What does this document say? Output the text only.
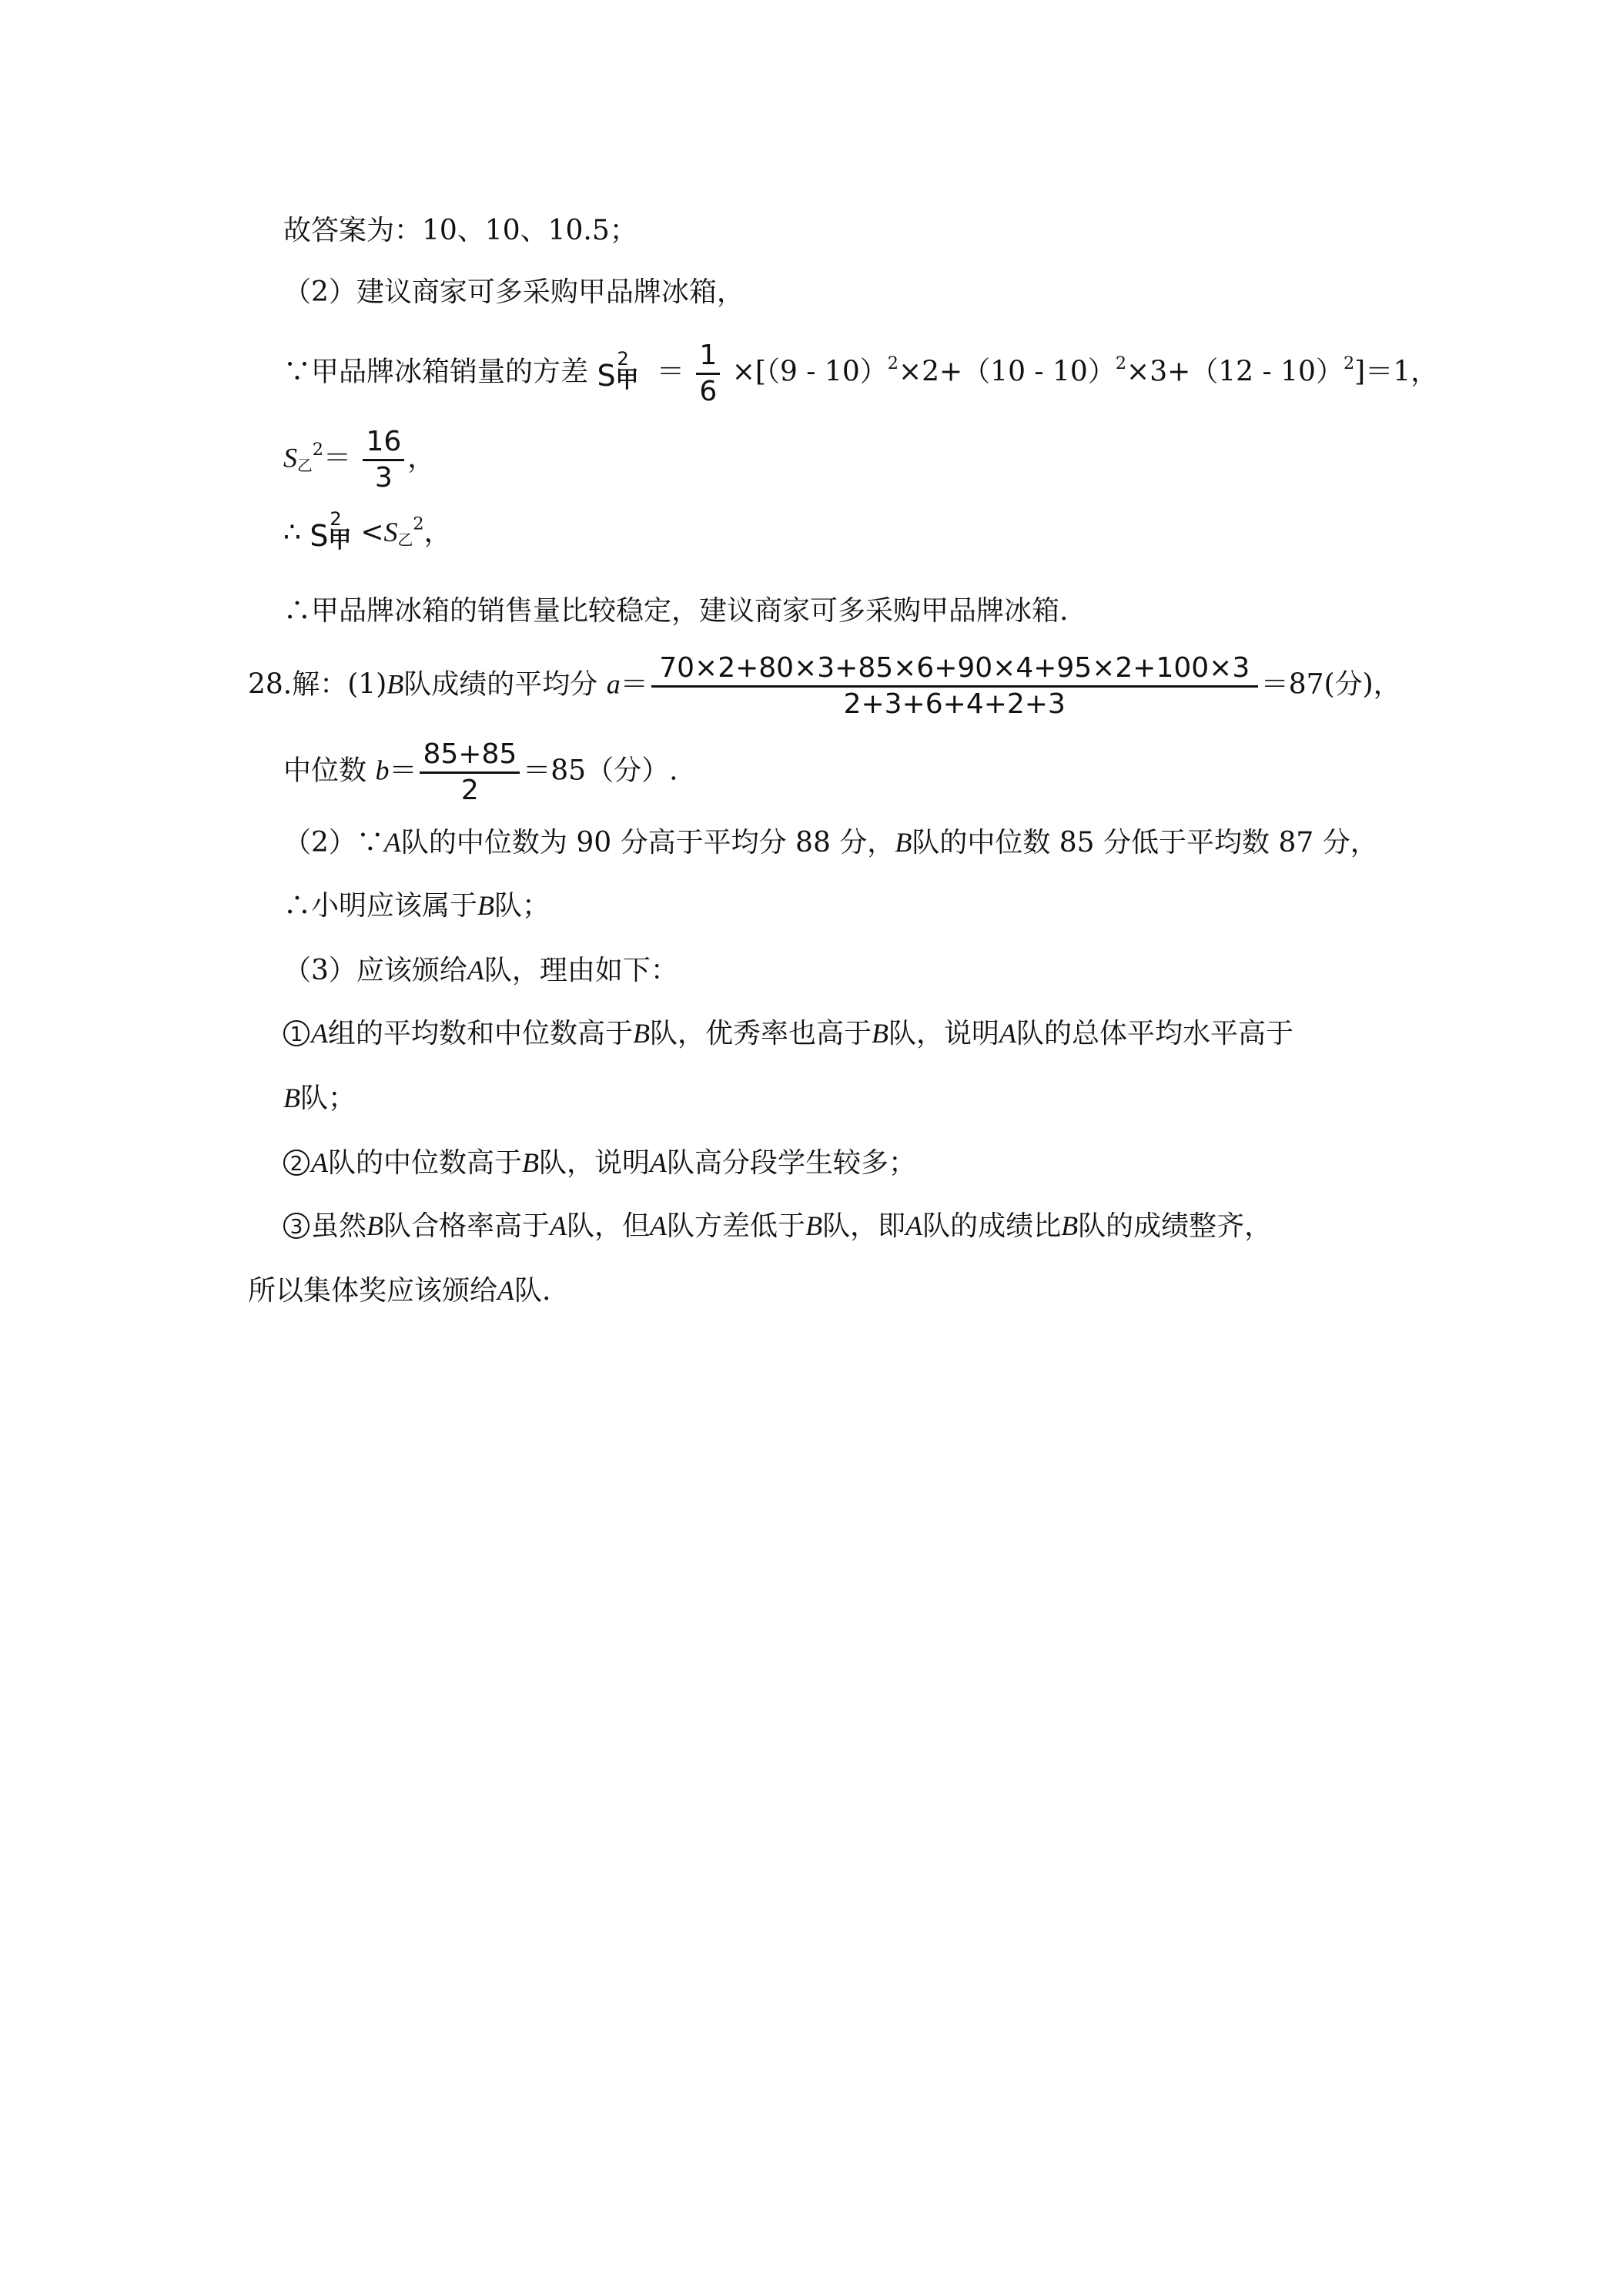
故答案为：10、10、10.5；
（2）建议商家可多采购甲品牌冰箱，
∵甲品牌冰箱销量的方差 S 2
甲 ＝ $\frac{1}{6} \times[(9 - 10)^2\times 2+(10 - 10)^2\times 3+(12 - 10)^2]=1$，
S乙$^2= \frac{16}{3}$ ，
∴ S 2
甲 <S乙$^2$，
∴甲品牌冰箱的销售量比较稳定，建议商家可多采购甲品牌冰箱.
28.解：(1)B队成绩的平均分 $a= \frac{70\times 2+80\times 3+85\times 6+90\times 4+95\times 2+100\times 3}{2+3+6+4+2+3} =87$(分)，
中位数 $b= \frac{85+85}{2} =85$（分）.
（2）∵A队的中位数为 90 分高于平均分 88 分，B队的中位数 85 分低于平均数 87 分，
∴小明应该属于B队；
（3）应该颁给A队，理由如下：
1 A组的平均数和中位数高于B队，优秀率也高于B队，说明A队的总体平均水平高于
B队；
2 A队的中位数高于B队，说明A队高分段学生较多；
3 虽然B队合格率高于A队，但A队方差低于B队，即A队的成绩比B队的成绩整齐，
所以集体奖应该颁给A队.
